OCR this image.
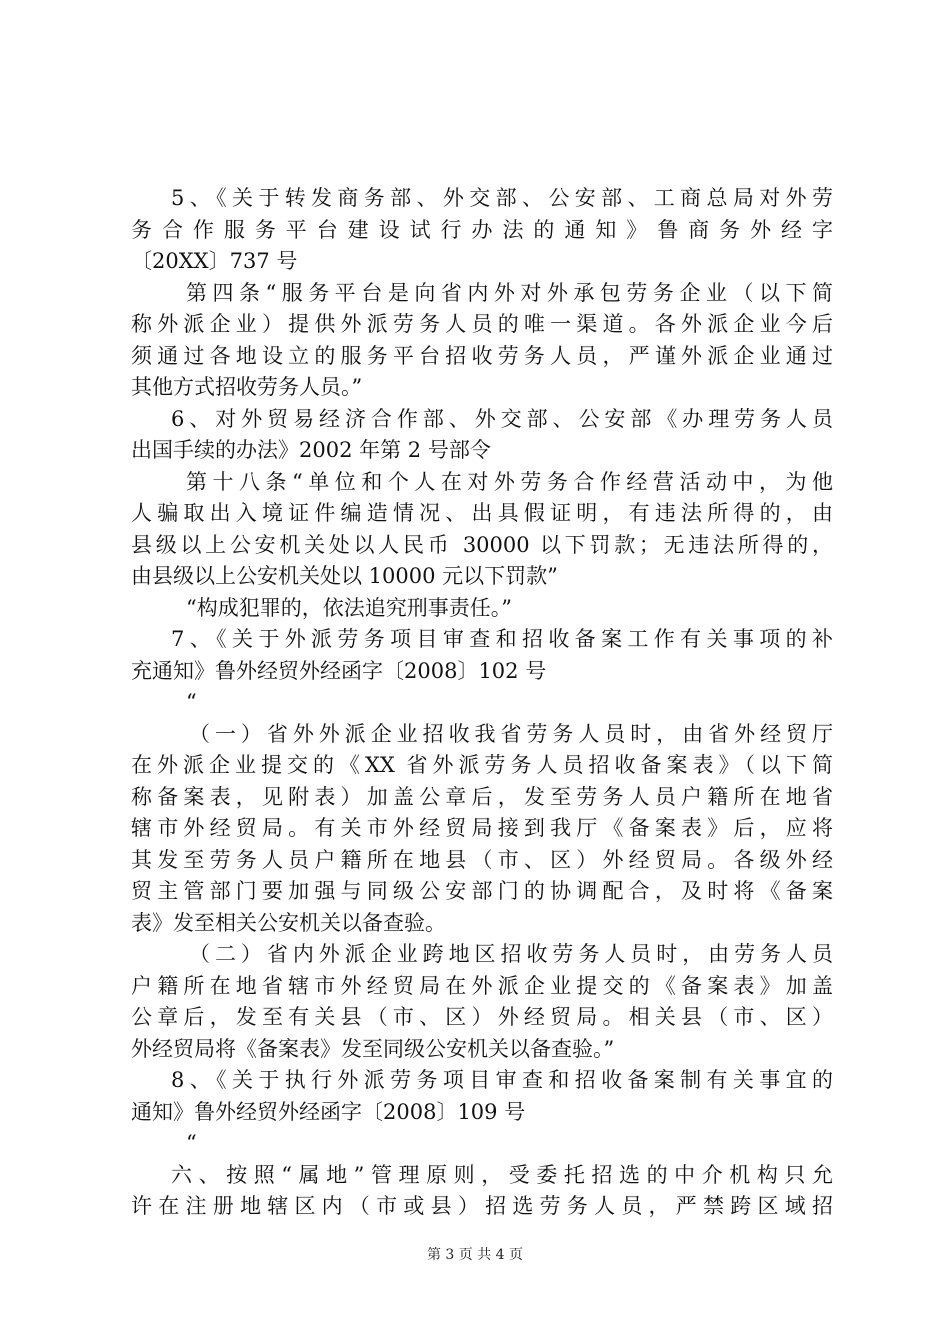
5、《关于转发商务部、外交部、公安部、工商总局对外劳
务合作服务平台建设试行办法的通知》鲁商务外经字
〔20XX〕737 号
第四条“服务平台是向省内外对外承包劳务企业（以下简
称外派企业）提供外派劳务人员的唯一渠道。各外派企业今后
须通过各地设立的服务平台招收劳务人员，严谨外派企业通过
其他方式招收劳务人员。”
6、对外贸易经济合作部、外交部、公安部《办理劳务人员
出国手续的办法》2002 年第 2 号部令
第十八条“单位和个人在对外劳务合作经营活动中，为他
人骗取出入境证件编造情况、出具假证明，有违法所得的，由
县级以上公安机关处以人民币 30000 以下罚款；无违法所得的，
由县级以上公安机关处以 10000 元以下罚款”
“构成犯罪的，依法追究刑事责任。”
7、《关于外派劳务项目审查和招收备案工作有关事项的补
充通知》鲁外经贸外经函字〔2008〕102 号
“
（一）省外外派企业招收我省劳务人员时，由省外经贸厅
在外派企业提交的《XX 省外派劳务人员招收备案表》（以下简
称备案表，见附表）加盖公章后，发至劳务人员户籍所在地省
辖市外经贸局。有关市外经贸局接到我厅《备案表》后，应将
其发至劳务人员户籍所在地县（市、区）外经贸局。各级外经
贸主管部门要加强与同级公安部门的协调配合，及时将《备案
表》发至相关公安机关以备查验。
（二）省内外派企业跨地区招收劳务人员时，由劳务人员
户籍所在地省辖市外经贸局在外派企业提交的《备案表》加盖
公章后，发至有关县（市、区）外经贸局。相关县（市、区）
外经贸局将《备案表》发至同级公安机关以备查验。”
8、《关于执行外派劳务项目审查和招收备案制有关事宜的
通知》鲁外经贸外经函字〔2008〕109 号
“
六、按照“属地”管理原则，受委托招选的中介机构只允
许在注册地辖区内（市或县）招选劳务人员，严禁跨区域招
第 3 页 共 4 页
